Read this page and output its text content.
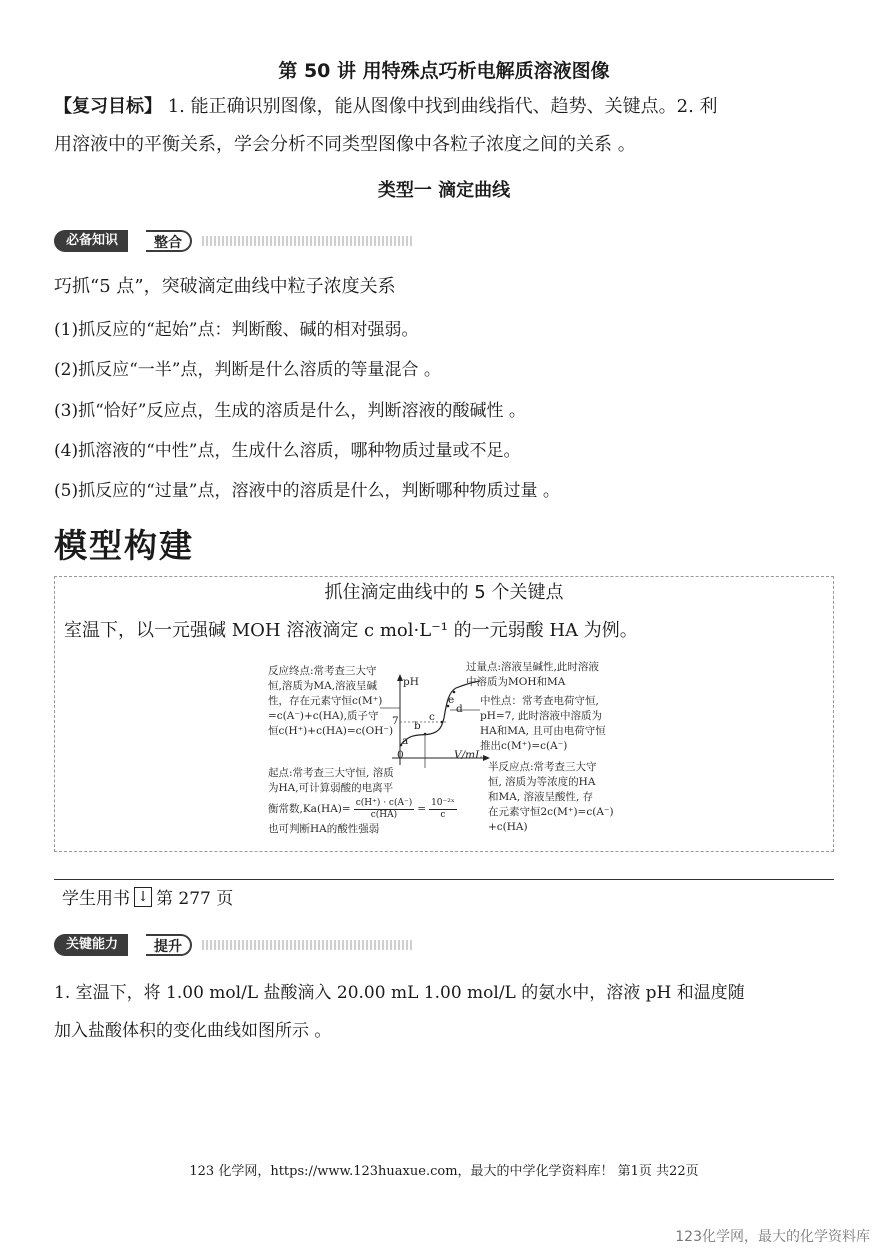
第 50 讲 用特殊点巧析电解质溶液图像
【复习目标】 1. 能正确识别图像，能从图像中找到曲线指代、趋势、关键点。2. 利
用溶液中的平衡关系，学会分析不同类型图像中各粒子浓度之间的关系 。
类型一 滴定曲线
必备知识	整合
巧抓“5 点”，突破滴定曲线中粒子浓度关系
(1)抓反应的“起始”点：判断酸、碱的相对强弱。
(2)抓反应“一半”点，判断是什么溶质的等量混合 。
(3)抓“恰好”反应点，生成的溶质是什么，判断溶液的酸碱性 。
(4)抓溶液的“中性”点，生成什么溶质，哪种物质过量或不足。
(5)抓反应的“过量”点，溶液中的溶质是什么，判断哪种物质过量 。
模型构建
抓住滴定曲线中的 5 个关键点
室温下，以一元强碱 MOH 溶液滴定 c mol·L⁻¹ 的一元弱酸 HA 为例。
pH
V/mL
0
7
a
b
c
d
e
反应终点:常考查三大守
恒,溶质为MA,溶液呈碱
性，存在元素守恒c(M⁺)
=c(A⁻)+c(HA),质子守
恒c(H⁺)+c(HA)=c(OH⁻)
过量点:溶液呈碱性,此时溶液
中溶质为MOH和MA
中性点：常考查电荷守恒,
pH=7, 此时溶液中溶质为
HA和MA, 且可由电荷守恒
推出c(M⁺)=c(A⁻)
起点:常考查三大守恒, 溶质
为HA,可计算弱酸的电离平
衡常数$,Ka(HA)= \frac{c(H^+) \cdot c(A^-)}{c(HA)} = \frac{\text{10⁻²ˣ}}{c}$
也可判断HA的酸性强弱
半反应点:常考查三大守
恒, 溶质为等浓度的HA
和MA, 溶液呈酸性, 存
在元素守恒2c(M⁺)=c(A⁻)
+c(HA)
学生用书 ↓ 第 277 页
关键能力	提升
1. 室温下，将 1.00 mol/L 盐酸滴入 20.00 mL 1.00 mol/L 的氨水中，溶液 pH 和温度随
加入盐酸体积的变化曲线如图所示 。
123 化学网，https://www.123huaxue.com，最大的中学化学资料库！ 第1页 共22页
123化学网，最大的化学资料库
